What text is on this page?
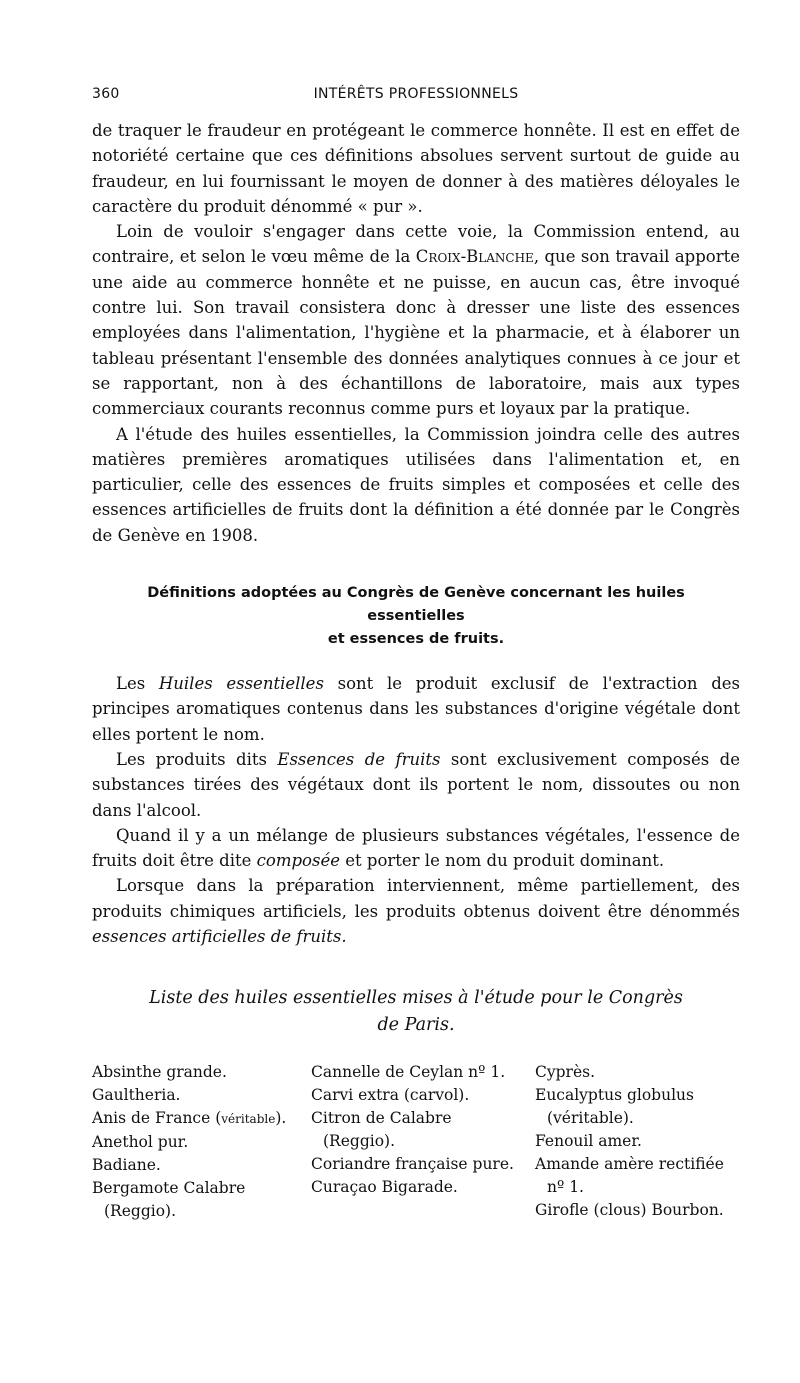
360	INTÉRÊTS PROFESSIONNELS

de traquer le fraudeur en protégeant le commerce honnête. Il est en effet de notoriété certaine que ces définitions absolues servent surtout de guide au fraudeur, en lui fournissant le moyen de donner à des matières déloyales le caractère du produit dénommé « pur ».

Loin de vouloir s'engager dans cette voie, la Commission entend, au contraire, et selon le vœu même de la Croix-Blanche, que son travail apporte une aide au commerce honnête et ne puisse, en aucun cas, être invoqué contre lui. Son travail consistera donc à dresser une liste des essences employées dans l'alimentation, l'hygiène et la pharmacie, et à élaborer un tableau présentant l'ensemble des données analytiques connues à ce jour et se rapportant, non à des échantillons de laboratoire, mais aux types commerciaux courants reconnus comme purs et loyaux par la pratique.

A l'étude des huiles essentielles, la Commission joindra celle des autres matières premières aromatiques utilisées dans l'alimentation et, en particulier, celle des essences de fruits simples et composées et celle des essences artificielles de fruits dont la définition a été donnée par le Congrès de Genève en 1908.

Définitions adoptées au Congrès de Genève concernant les huiles essentielles
et essences de fruits.

Les Huiles essentielles sont le produit exclusif de l'extraction des principes aromatiques contenus dans les substances d'origine végétale dont elles portent le nom.

Les produits dits Essences de fruits sont exclusivement composés de substances tirées des végétaux dont ils portent le nom, dissoutes ou non dans l'alcool.

Quand il y a un mélange de plusieurs substances végétales, l'essence de fruits doit être dite composée et porter le nom du produit dominant.

Lorsque dans la préparation interviennent, même partiellement, des produits chimiques artificiels, les produits obtenus doivent être dénommés essences artificielles de fruits.

Liste des huiles essentielles mises à l'étude pour le Congrès
de Paris.
Absinthe grande.
Gaultheria.
Anis de France (véritable).
Anethol pur.
Badiane.
Bergamote Calabre (Reggio).
Cannelle de Ceylan nº 1.
Carvi extra (carvol).
Citron de Calabre (Reggio).
Coriandre française pure.
Curaçao Bigarade.
Cyprès.
Eucalyptus globulus (véritable).
Fenouil amer.
Amande amère rectifiée nº 1.
Girofle (clous) Bourbon.
